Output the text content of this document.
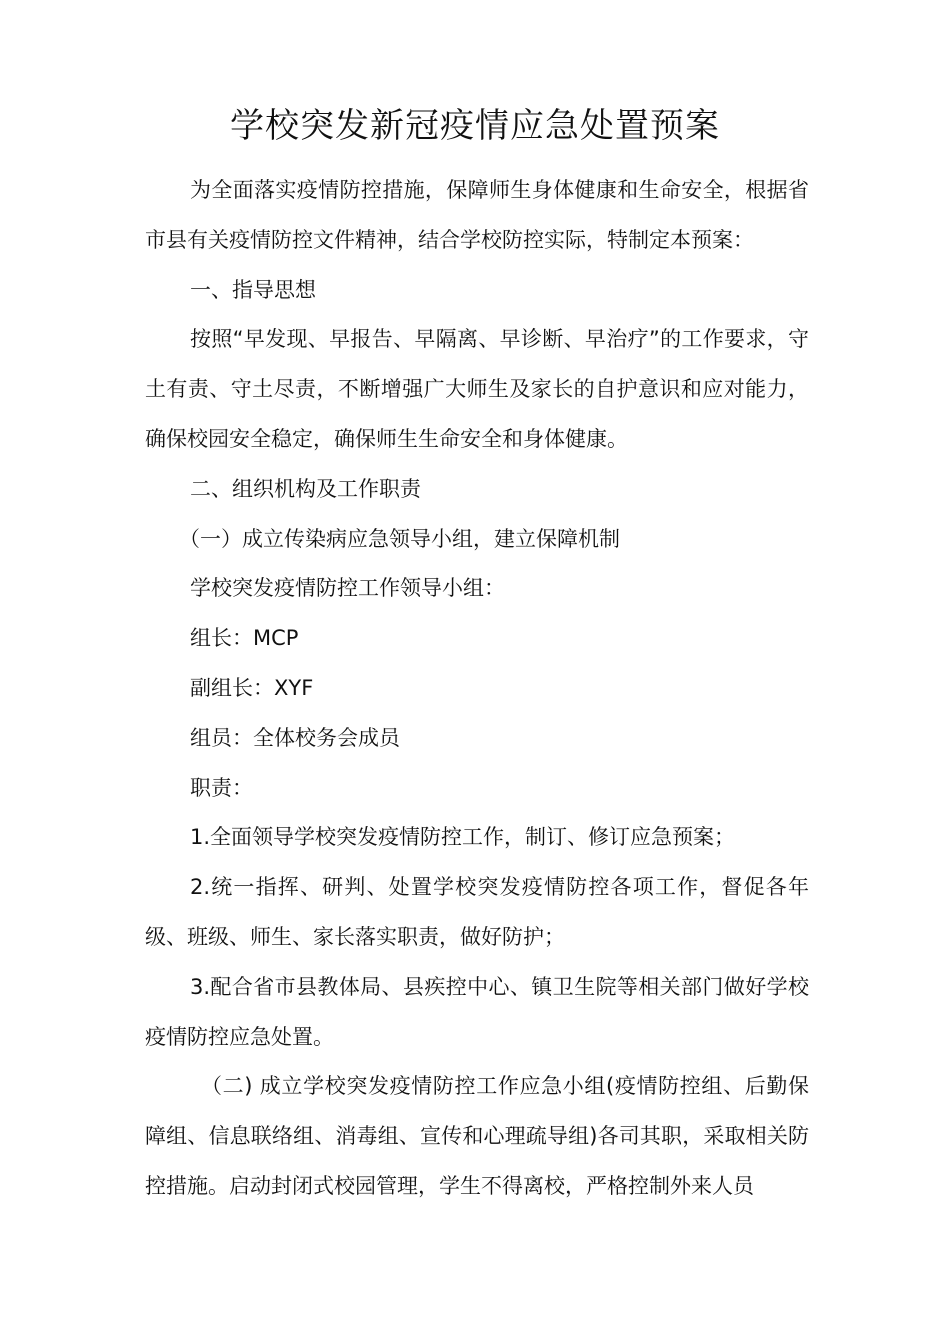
学校突发新冠疫情应急处置预案

为全面落实疫情防控措施，保障师生身体健康和生命安全，根据省市县有关疫情防控文件精神，结合学校防控实际，特制定本预案：

一、指导思想

按照“早发现、早报告、早隔离、早诊断、早治疗”的工作要求，守土有责、守土尽责，不断增强广大师生及家长的自护意识和应对能力，确保校园安全稳定，确保师生生命安全和身体健康。

二、组织机构及工作职责

（一）成立传染病应急领导小组，建立保障机制

学校突发疫情防控工作领导小组：

组长：MCP

副组长：XYF

组员：全体校务会成员

职责：

1.全面领导学校突发疫情防控工作，制订、修订应急预案；

2.统一指挥、研判、处置学校突发疫情防控各项工作，督促各年级、班级、师生、家长落实职责，做好防护；

3.配合省市县教体局、县疾控中心、镇卫生院等相关部门做好学校疫情防控应急处置。

（二) 成立学校突发疫情防控工作应急小组(疫情防控组、后勤保障组、信息联络组、消毒组、宣传和心理疏导组)各司其职，采取相关防控措施。启动封闭式校园管理，学生不得离校，严格控制外来人员
